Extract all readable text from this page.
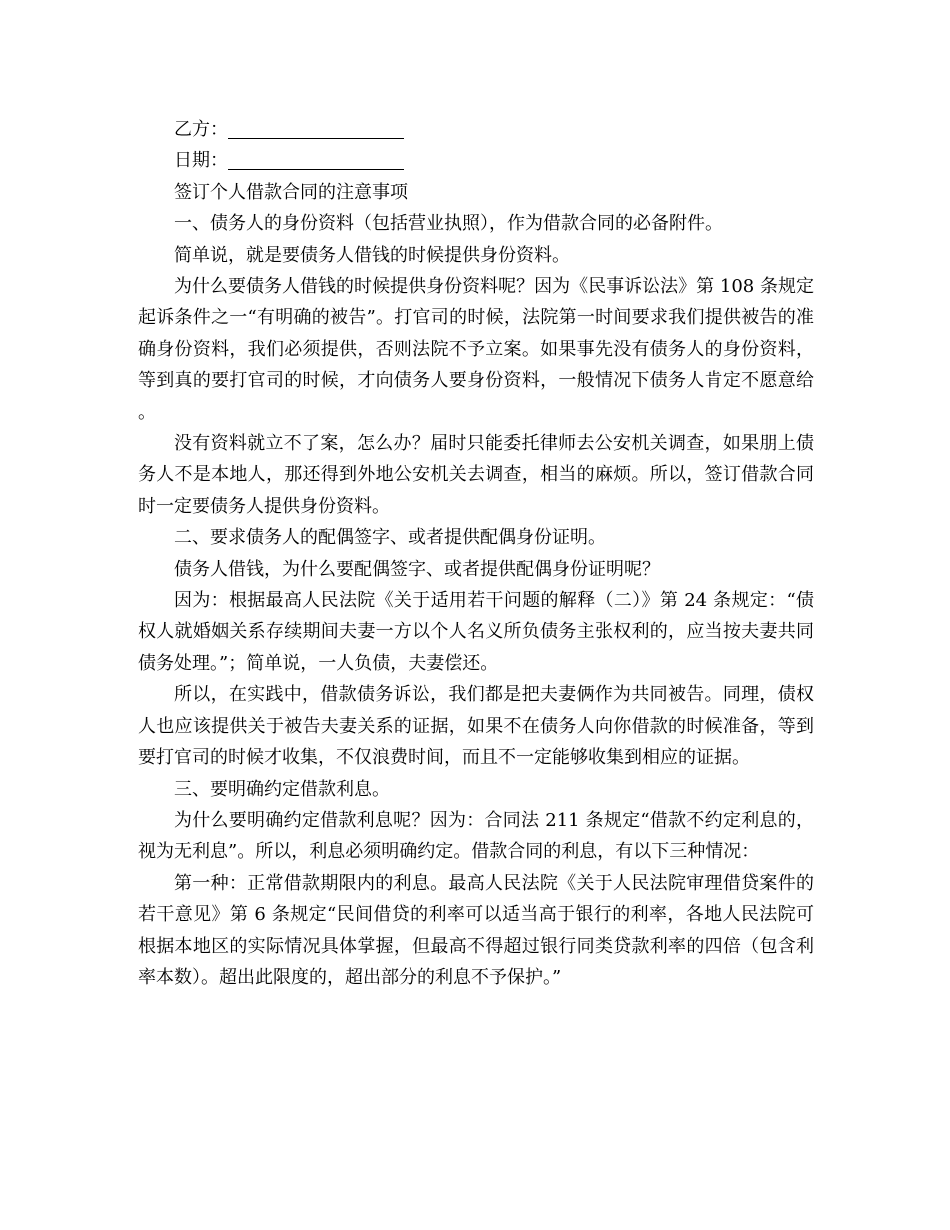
乙方：
日期：

签订个人借款合同的注意事项

一、债务人的身份资料（包括营业执照），作为借款合同的必备附件。

简单说，就是要债务人借钱的时候提供身份资料。

为什么要债务人借钱的时候提供身份资料呢？因为《民事诉讼法》第 108 条规定起诉条件之一“有明确的被告”。打官司的时候，法院第一时间要求我们提供被告的准确身份资料，我们必须提供，否则法院不予立案。如果事先没有债务人的身份资料，等到真的要打官司的时候，才向债务人要身份资料，一般情况下债务人肯定不愿意给。

没有资料就立不了案，怎么办？届时只能委托律师去公安机关调查，如果朋上债务人不是本地人，那还得到外地公安机关去调查，相当的麻烦。所以，签订借款合同时一定要债务人提供身份资料。

二、要求债务人的配偶签字、或者提供配偶身份证明。

债务人借钱，为什么要配偶签字、或者提供配偶身份证明呢？

因为：根据最高人民法院《关于适用若干问题的解释（二）》第 24 条规定：“债权人就婚姻关系存续期间夫妻一方以个人名义所负债务主张权利的，应当按夫妻共同债务处理。”；简单说，一人负债，夫妻偿还。

所以，在实践中，借款债务诉讼，我们都是把夫妻俩作为共同被告。同理，债权人也应该提供关于被告夫妻关系的证据，如果不在债务人向你借款的时候准备，等到要打官司的时候才收集，不仅浪费时间，而且不一定能够收集到相应的证据。

三、要明确约定借款利息。

为什么要明确约定借款利息呢？因为：合同法 211 条规定“借款不约定利息的，视为无利息”。所以，利息必须明确约定。借款合同的利息，有以下三种情况：

第一种：正常借款期限内的利息。最高人民法院《关于人民法院审理借贷案件的若干意见》第 6 条规定“民间借贷的利率可以适当高于银行的利率，各地人民法院可根据本地区的实际情况具体掌握，但最高不得超过银行同类贷款利率的四倍（包含利率本数）。超出此限度的，超出部分的利息不予保护。”
